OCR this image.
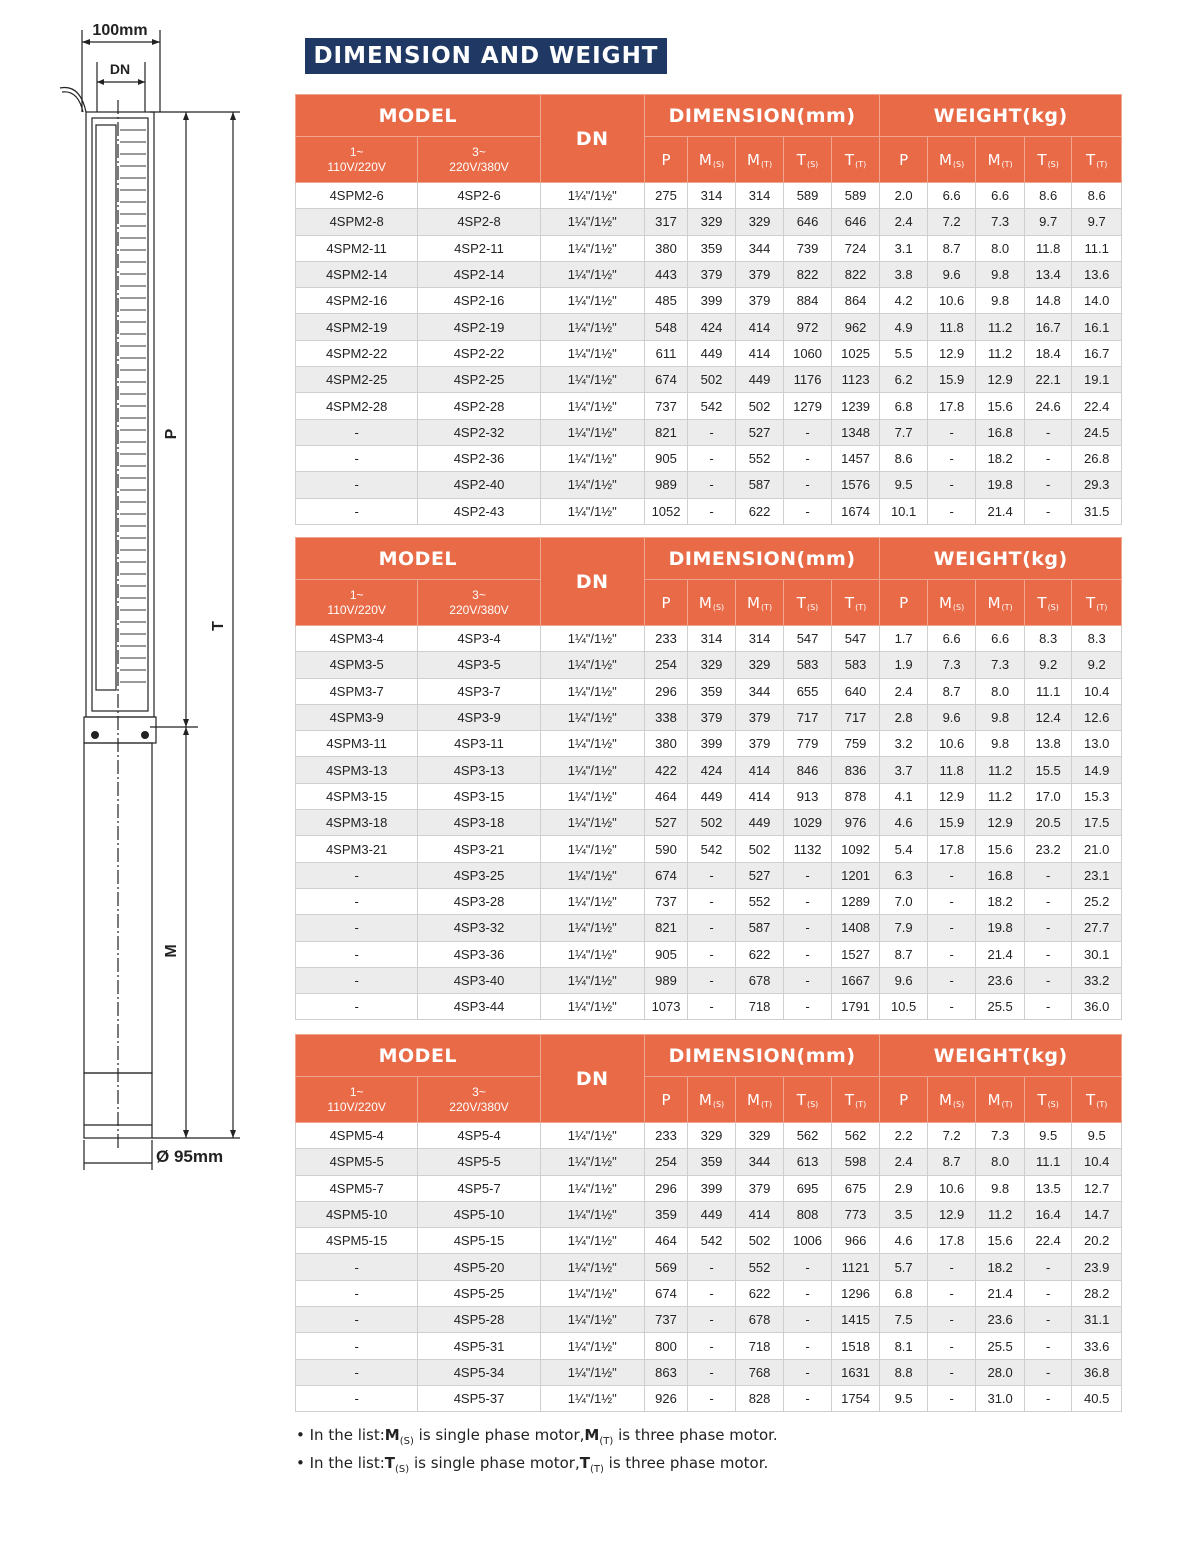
100mm
DN
P
T
M
Ø 95mm
DIMENSION AND WEIGHT
MODEL		DN	DIMENSION(mm)					WEIGHT(kg)				
1~
110V/220V	3~
220V/380V		P	$M_{(S)}$	$M_{(T)}$	$T_{(S)}$	$T_{(T)}$	P	$M_{(S)}$	$M_{(T)}$	$T_{(S)}$	$T_{(T)}$
4SPM2-6	4SP2-6	1¼"/1½"	275	314	314	589	589	2.0	6.6	6.6	8.6	8.6
4SPM2-8	4SP2-8	1¼"/1½"	317	329	329	646	646	2.4	7.2	7.3	9.7	9.7
4SPM2-11	4SP2-11	1¼"/1½"	380	359	344	739	724	3.1	8.7	8.0	11.8	11.1
4SPM2-14	4SP2-14	1¼"/1½"	443	379	379	822	822	3.8	9.6	9.8	13.4	13.6
4SPM2-16	4SP2-16	1¼"/1½"	485	399	379	884	864	4.2	10.6	9.8	14.8	14.0
4SPM2-19	4SP2-19	1¼"/1½"	548	424	414	972	962	4.9	11.8	11.2	16.7	16.1
4SPM2-22	4SP2-22	1¼"/1½"	611	449	414	1060	1025	5.5	12.9	11.2	18.4	16.7
4SPM2-25	4SP2-25	1¼"/1½"	674	502	449	1176	1123	6.2	15.9	12.9	22.1	19.1
4SPM2-28	4SP2-28	1¼"/1½"	737	542	502	1279	1239	6.8	17.8	15.6	24.6	22.4
-	4SP2-32	1¼"/1½"	821	-	527	-	1348	7.7	-	16.8	-	24.5
-	4SP2-36	1¼"/1½"	905	-	552	-	1457	8.6	-	18.2	-	26.8
-	4SP2-40	1¼"/1½"	989	-	587	-	1576	9.5	-	19.8	-	29.3
-	4SP2-43	1¼"/1½"	1052	-	622	-	1674	10.1	-	21.4	-	31.5
MODEL		DN	DIMENSION(mm)					WEIGHT(kg)				
1~
110V/220V	3~
220V/380V		P	$M_{(S)}$	$M_{(T)}$	$T_{(S)}$	$T_{(T)}$	P	$M_{(S)}$	$M_{(T)}$	$T_{(S)}$	$T_{(T)}$
4SPM3-4	4SP3-4	1¼"/1½"	233	314	314	547	547	1.7	6.6	6.6	8.3	8.3
4SPM3-5	4SP3-5	1¼"/1½"	254	329	329	583	583	1.9	7.3	7.3	9.2	9.2
4SPM3-7	4SP3-7	1¼"/1½"	296	359	344	655	640	2.4	8.7	8.0	11.1	10.4
4SPM3-9	4SP3-9	1¼"/1½"	338	379	379	717	717	2.8	9.6	9.8	12.4	12.6
4SPM3-11	4SP3-11	1¼"/1½"	380	399	379	779	759	3.2	10.6	9.8	13.8	13.0
4SPM3-13	4SP3-13	1¼"/1½"	422	424	414	846	836	3.7	11.8	11.2	15.5	14.9
4SPM3-15	4SP3-15	1¼"/1½"	464	449	414	913	878	4.1	12.9	11.2	17.0	15.3
4SPM3-18	4SP3-18	1¼"/1½"	527	502	449	1029	976	4.6	15.9	12.9	20.5	17.5
4SPM3-21	4SP3-21	1¼"/1½"	590	542	502	1132	1092	5.4	17.8	15.6	23.2	21.0
-	4SP3-25	1¼"/1½"	674	-	527	-	1201	6.3	-	16.8	-	23.1
-	4SP3-28	1¼"/1½"	737	-	552	-	1289	7.0	-	18.2	-	25.2
-	4SP3-32	1¼"/1½"	821	-	587	-	1408	7.9	-	19.8	-	27.7
-	4SP3-36	1¼"/1½"	905	-	622	-	1527	8.7	-	21.4	-	30.1
-	4SP3-40	1¼"/1½"	989	-	678	-	1667	9.6	-	23.6	-	33.2
-	4SP3-44	1¼"/1½"	1073	-	718	-	1791	10.5	-	25.5	-	36.0
MODEL		DN	DIMENSION(mm)					WEIGHT(kg)				
1~
110V/220V	3~
220V/380V		P	$M_{(S)}$	$M_{(T)}$	$T_{(S)}$	$T_{(T)}$	P	$M_{(S)}$	$M_{(T)}$	$T_{(S)}$	$T_{(T)}$
4SPM5-4	4SP5-4	1¼"/1½"	233	329	329	562	562	2.2	7.2	7.3	9.5	9.5
4SPM5-5	4SP5-5	1¼"/1½"	254	359	344	613	598	2.4	8.7	8.0	11.1	10.4
4SPM5-7	4SP5-7	1¼"/1½"	296	399	379	695	675	2.9	10.6	9.8	13.5	12.7
4SPM5-10	4SP5-10	1¼"/1½"	359	449	414	808	773	3.5	12.9	11.2	16.4	14.7
4SPM5-15	4SP5-15	1¼"/1½"	464	542	502	1006	966	4.6	17.8	15.6	22.4	20.2
-	4SP5-20	1¼"/1½"	569	-	552	-	1121	5.7	-	18.2	-	23.9
-	4SP5-25	1¼"/1½"	674	-	622	-	1296	6.8	-	21.4	-	28.2
-	4SP5-28	1¼"/1½"	737	-	678	-	1415	7.5	-	23.6	-	31.1
-	4SP5-31	1¼"/1½"	800	-	718	-	1518	8.1	-	25.5	-	33.6
-	4SP5-34	1¼"/1½"	863	-	768	-	1631	8.8	-	28.0	-	36.8
-	4SP5-37	1¼"/1½"	926	-	828	-	1754	9.5	-	31.0	-	40.5
• In the $list:M_{(S)}$ is single phase $motor,M_{(T)}$ is three phase motor.
• In the $list:T_{(S)}$ is single phase $motor,T_{(T)}$ is three phase motor.
